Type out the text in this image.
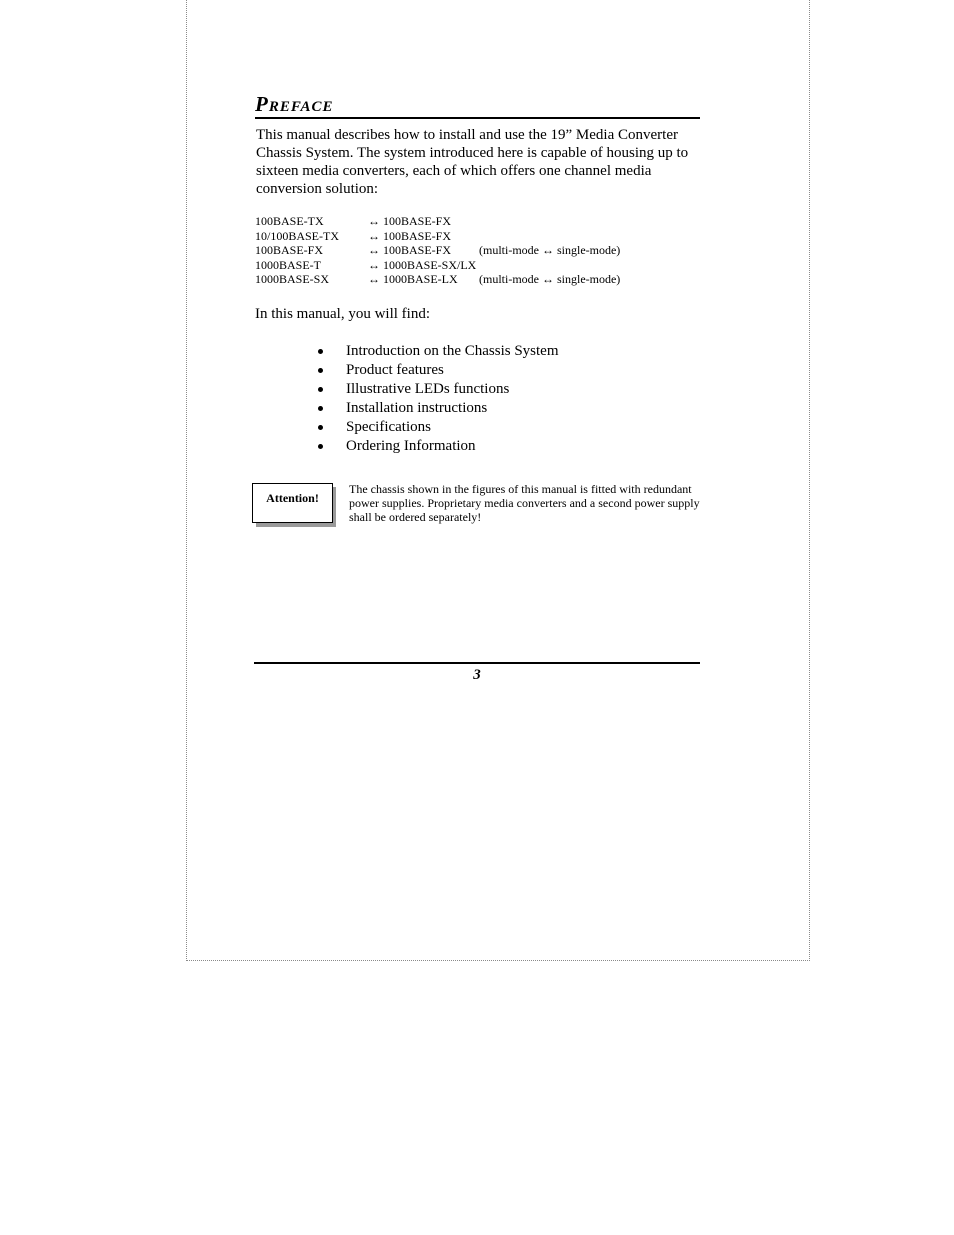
PREFACE

This manual describes how to install and use the 19” Media Converter Chassis System. The system introduced here is capable of housing up to sixteen media converters, each of which offers one channel media conversion solution:

100BASE-TX	↔ 100BASE-FX	
10/100BASE-TX	↔ 100BASE-FX	
100BASE-FX	↔ 100BASE-FX	(multi-mode ↔ single-mode)
1000BASE-T	↔ 1000BASE-SX/LX	
1000BASE-SX	↔ 1000BASE-LX	(multi-mode ↔ single-mode)
In this manual, you will find:
Introduction on the Chassis System
Product features
Illustrative LEDs functions
Installation instructions
Specifications
Ordering Information
Attention!

The chassis shown in the figures of this manual is fitted with redundant power supplies. Proprietary media converters and a second power supply shall be ordered separately!

3
